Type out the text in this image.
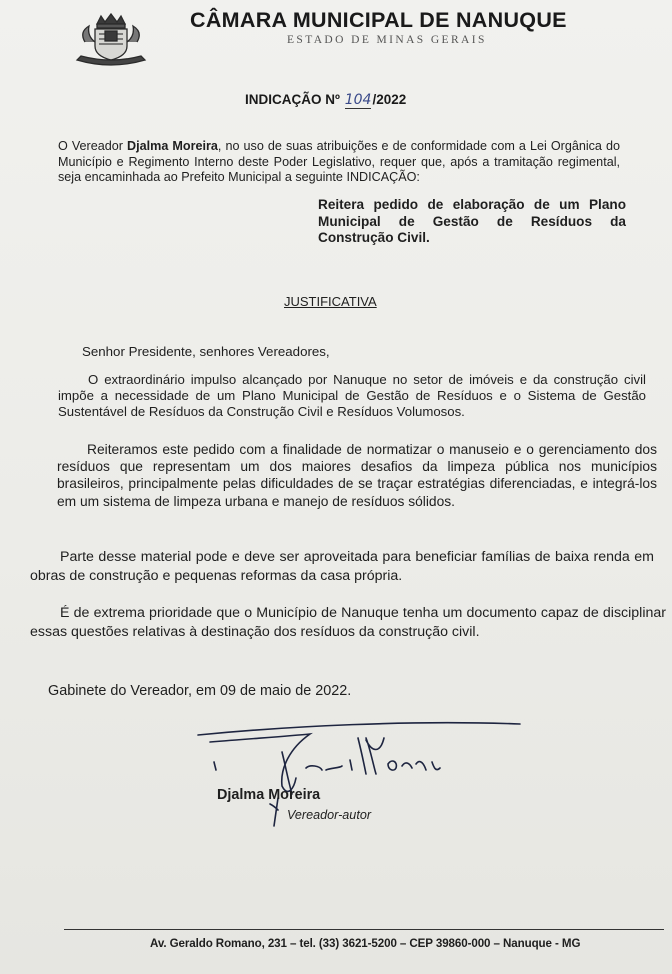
CÂMARA MUNICIPAL DE NANUQUE
ESTADO DE MINAS GERAIS
INDICAÇÃO Nº 104/2022
O Vereador Djalma Moreira, no uso de suas atribuições e de conformidade com a Lei Orgânica do Município e Regimento Interno deste Poder Legislativo, requer que, após a tramitação regimental, seja encaminhada ao Prefeito Municipal a seguinte INDICAÇÃO:
Reitera pedido de elaboração de um Plano Municipal de Gestão de Resíduos da Construção Civil.
JUSTIFICATIVA
Senhor Presidente, senhores Vereadores,
O extraordinário impulso alcançado por Nanuque no setor de imóveis e da construção civil impõe a necessidade de um Plano Municipal de Gestão de Resíduos e o Sistema de Gestão Sustentável de Resíduos da Construção Civil e Resíduos Volumosos.
Reiteramos este pedido com a finalidade de normatizar o manuseio e o gerenciamento dos resíduos que representam um dos maiores desafios da limpeza pública nos municípios brasileiros, principalmente pelas dificuldades de se traçar estratégias diferenciadas, e integrá-los em um sistema de limpeza urbana e manejo de resíduos sólidos.
Parte desse material pode e deve ser aproveitada para beneficiar famílias de baixa renda em obras de construção e pequenas reformas da casa própria.
É de extrema prioridade que o Município de Nanuque tenha um documento capaz de disciplinar essas questões relativas à destinação dos resíduos da construção civil.
Gabinete do Vereador, em 09 de maio de 2022.
Djalma Moreira
Vereador-autor
Av. Geraldo Romano, 231 – tel. (33) 3621-5200 – CEP 39860-000 – Nanuque - MG
